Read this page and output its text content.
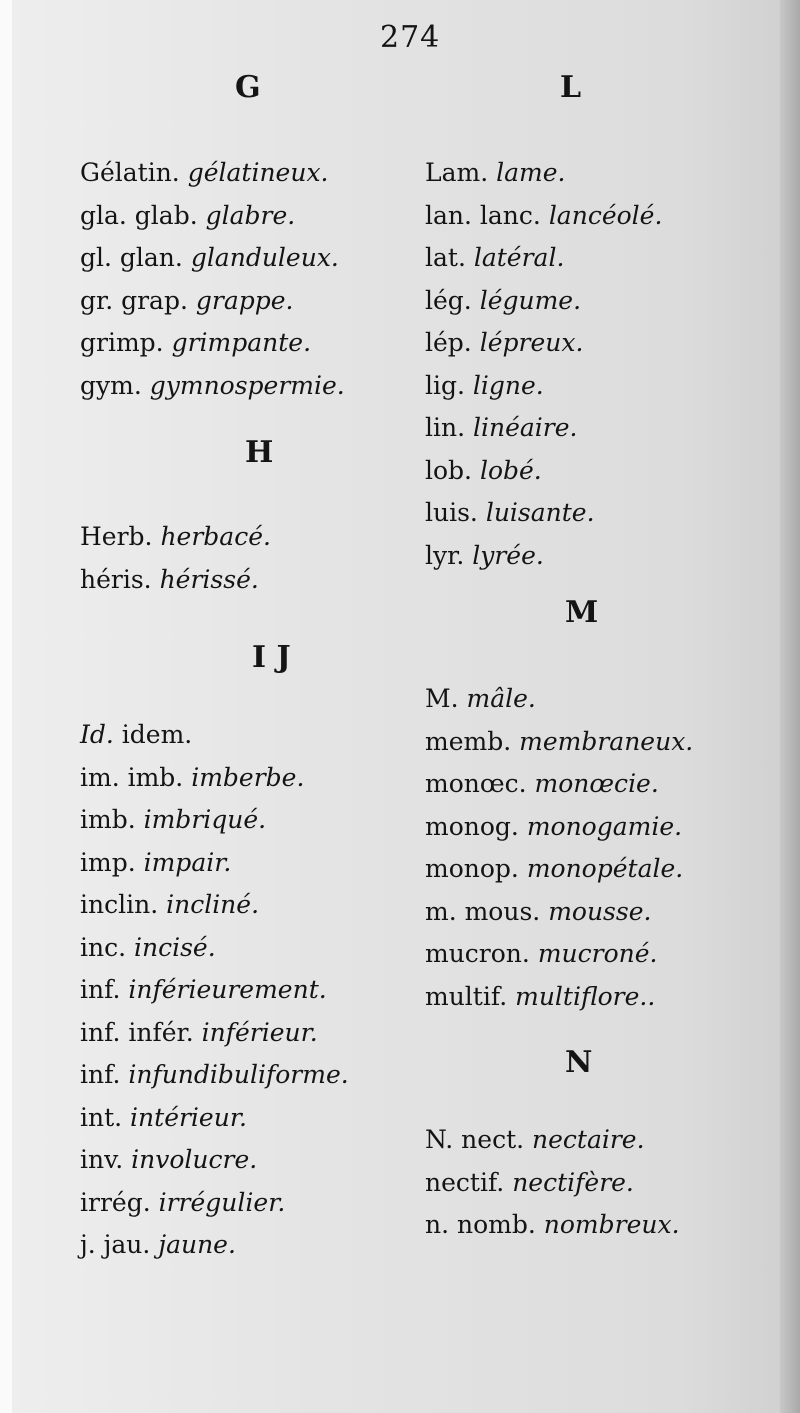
274
G
Gélatin. gélatineux.
gla. glab. glabre.
gl. glan. glanduleux.
gr. grap. grappe.
grimp. grimpante.
gym. gymnospermie.
H
Herb. herbacé.
héris. hérissé.
I J
Id. idem.
im. imb. imberbe.
imb. imbriqué.
imp. impair.
inclin. incliné.
inc. incisé.
inf. inférieurement.
inf. infér. inférieur.
inf. infundibuliforme.
int. intérieur.
inv. involucre.
irrég. irrégulier.
j. jau. jaune.
L
Lam. lame.
lan. lanc. lancéolé.
lat. latéral.
lég. légume.
lép. lépreux.
lig. ligne.
lin. linéaire.
lob. lobé.
luis. luisante.
lyr. lyrée.
M
M. mâle.
memb. membraneux.
monœc. monœcie.
monog. monogamie.
monop. monopétale.
m. mous. mousse.
mucron. mucroné.
multif. multiflore..
N
N. nect. nectaire.
nectif. nectifère.
n. nomb. nombreux.
